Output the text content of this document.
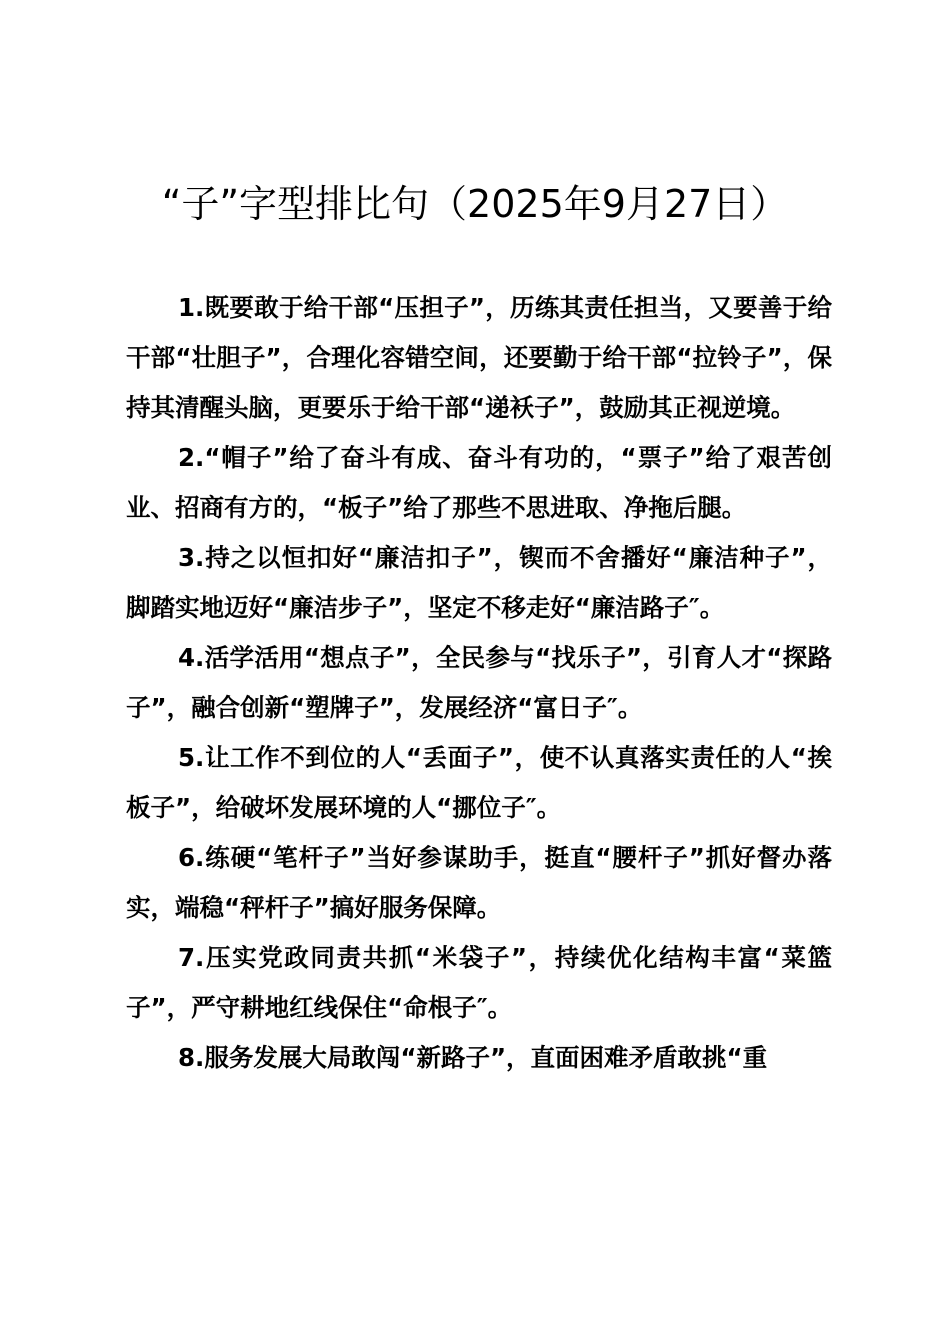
“子”字型排比句（2025年9月27日）

1.既要敢于给干部“压担子”，历练其责任担当，又要善于给干部“壮胆子”，合理化容错空间，还要勤于给干部“拉铃子”，保持其清醒头脑，更要乐于给干部“递袄子”，鼓励其正视逆境。

2.“帽子”给了奋斗有成、奋斗有功的，“票子”给了艰苦创业、招商有方的，“板子”给了那些不思进取、净拖后腿。

3.持之以恒扣好“廉洁扣子”，锲而不舍播好“廉洁种子”，脚踏实地迈好“廉洁步子”，坚定不移走好“廉洁路子″。

4.活学活用“想点子”，全民参与“找乐子”，引育人才“探路子”，融合创新“塑牌子”，发展经济“富日子″。

5.让工作不到位的人“丢面子”，使不认真落实责任的人“挨板子”，给破坏发展环境的人“挪位子″。

6.练硬“笔杆子”当好参谋助手，挺直“腰杆子”抓好督办落实，端稳“秤杆子”搞好服务保障。

7.压实党政同责共抓“米袋子”，持续优化结构丰富“菜篮子”，严守耕地红线保住“命根子″。

8.服务发展大局敢闯“新路子”，直面困难矛盾敢挑“重
